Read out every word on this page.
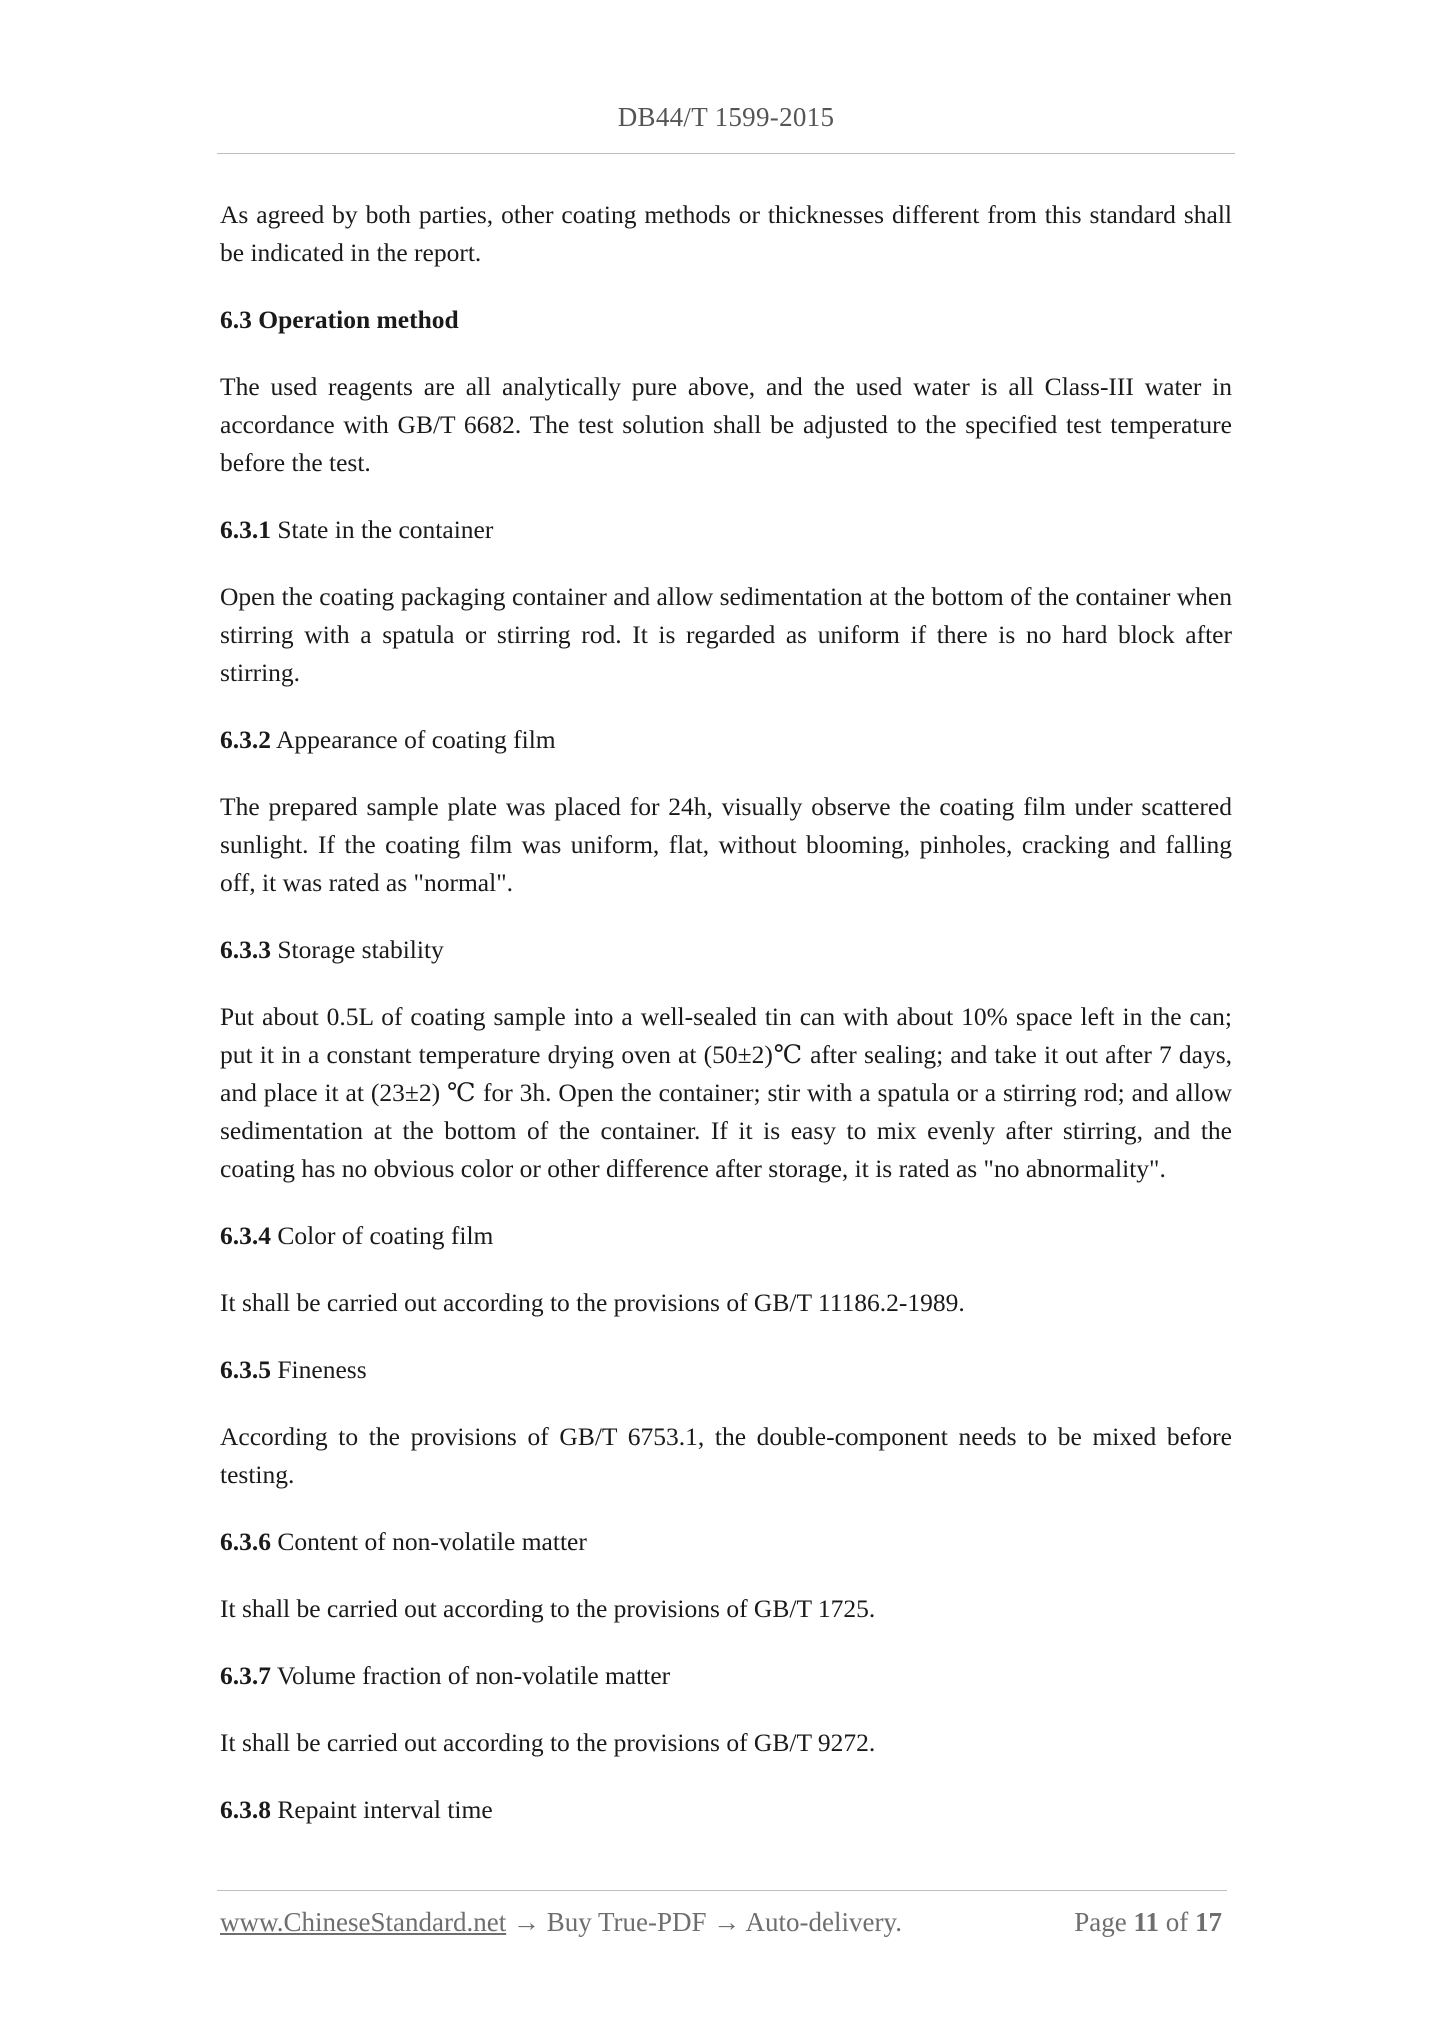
DB44/T 1599-2015

As agreed by both parties, other coating methods or thicknesses different from this standard shall be indicated in the report.

6.3 Operation method

The used reagents are all analytically pure above, and the used water is all Class-III water in accordance with GB/T 6682. The test solution shall be adjusted to the specified test temperature before the test.

6.3.1 State in the container

Open the coating packaging container and allow sedimentation at the bottom of the container when stirring with a spatula or stirring rod. It is regarded as uniform if there is no hard block after stirring.

6.3.2 Appearance of coating film

The prepared sample plate was placed for 24h, visually observe the coating film under scattered sunlight. If the coating film was uniform, flat, without blooming, pinholes, cracking and falling off, it was rated as "normal".

6.3.3 Storage stability

Put about 0.5L of coating sample into a well-sealed tin can with about 10% space left in the can; put it in a constant temperature drying oven at (50±2)℃ after sealing; and take it out after 7 days, and place it at (23±2) ℃ for 3h. Open the container; stir with a spatula or a stirring rod; and allow sedimentation at the bottom of the container. If it is easy to mix evenly after stirring, and the coating has no obvious color or other difference after storage, it is rated as "no abnormality".

6.3.4 Color of coating film

It shall be carried out according to the provisions of GB/T 11186.2-1989.

6.3.5 Fineness

According to the provisions of GB/T 6753.1, the double-component needs to be mixed before testing.

6.3.6 Content of non-volatile matter

It shall be carried out according to the provisions of GB/T 1725.

6.3.7 Volume fraction of non-volatile matter

It shall be carried out according to the provisions of GB/T 9272.

6.3.8 Repaint interval time

www.ChineseStandard.net → Buy True-PDF → Auto-delivery.	Page 11 of 17
